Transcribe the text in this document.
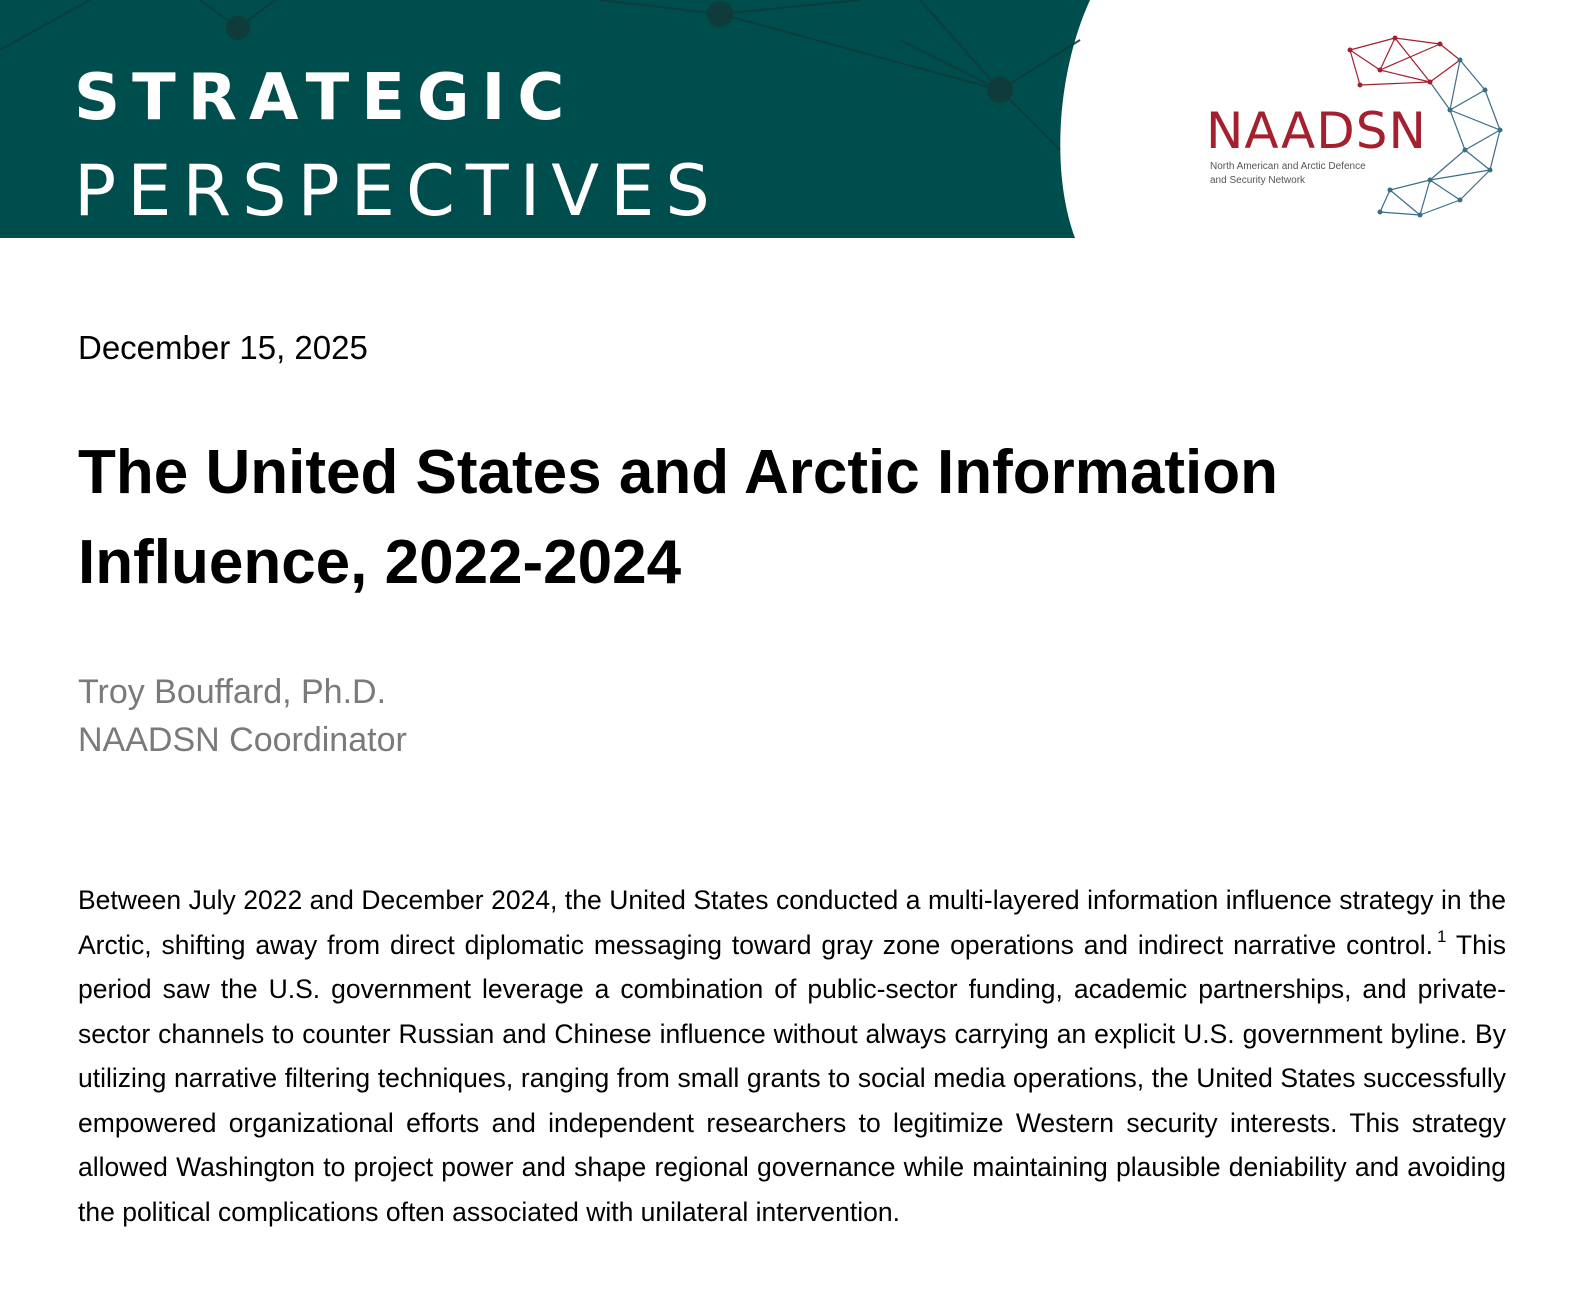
STRATEGIC

PERSPECTIVES

NAADSN

North American and Arctic Defence

and Security Network

December 15, 2025

The United States and Arctic Information
Influence, 2022-2024
Troy Bouffard, Ph.D.
NAADSN Coordinator

Between July 2022 and December 2024, the United States conducted a multi-layered information influence strategy in the Arctic, shifting away from direct diplomatic messaging toward gray zone operations and indirect narrative control. $^1$ This period saw the U.S. government leverage a combination of public-sector funding, academic partnerships, and private-sector channels to counter Russian and Chinese influence without always carrying an explicit U.S. government byline. By utilizing narrative filtering techniques, ranging from small grants to social media operations, the United States successfully empowered organizational efforts and independent researchers to legitimize Western security interests. This strategy allowed Washington to project power and shape regional governance while maintaining plausible deniability and avoiding the political complications often associated with unilateral intervention.
